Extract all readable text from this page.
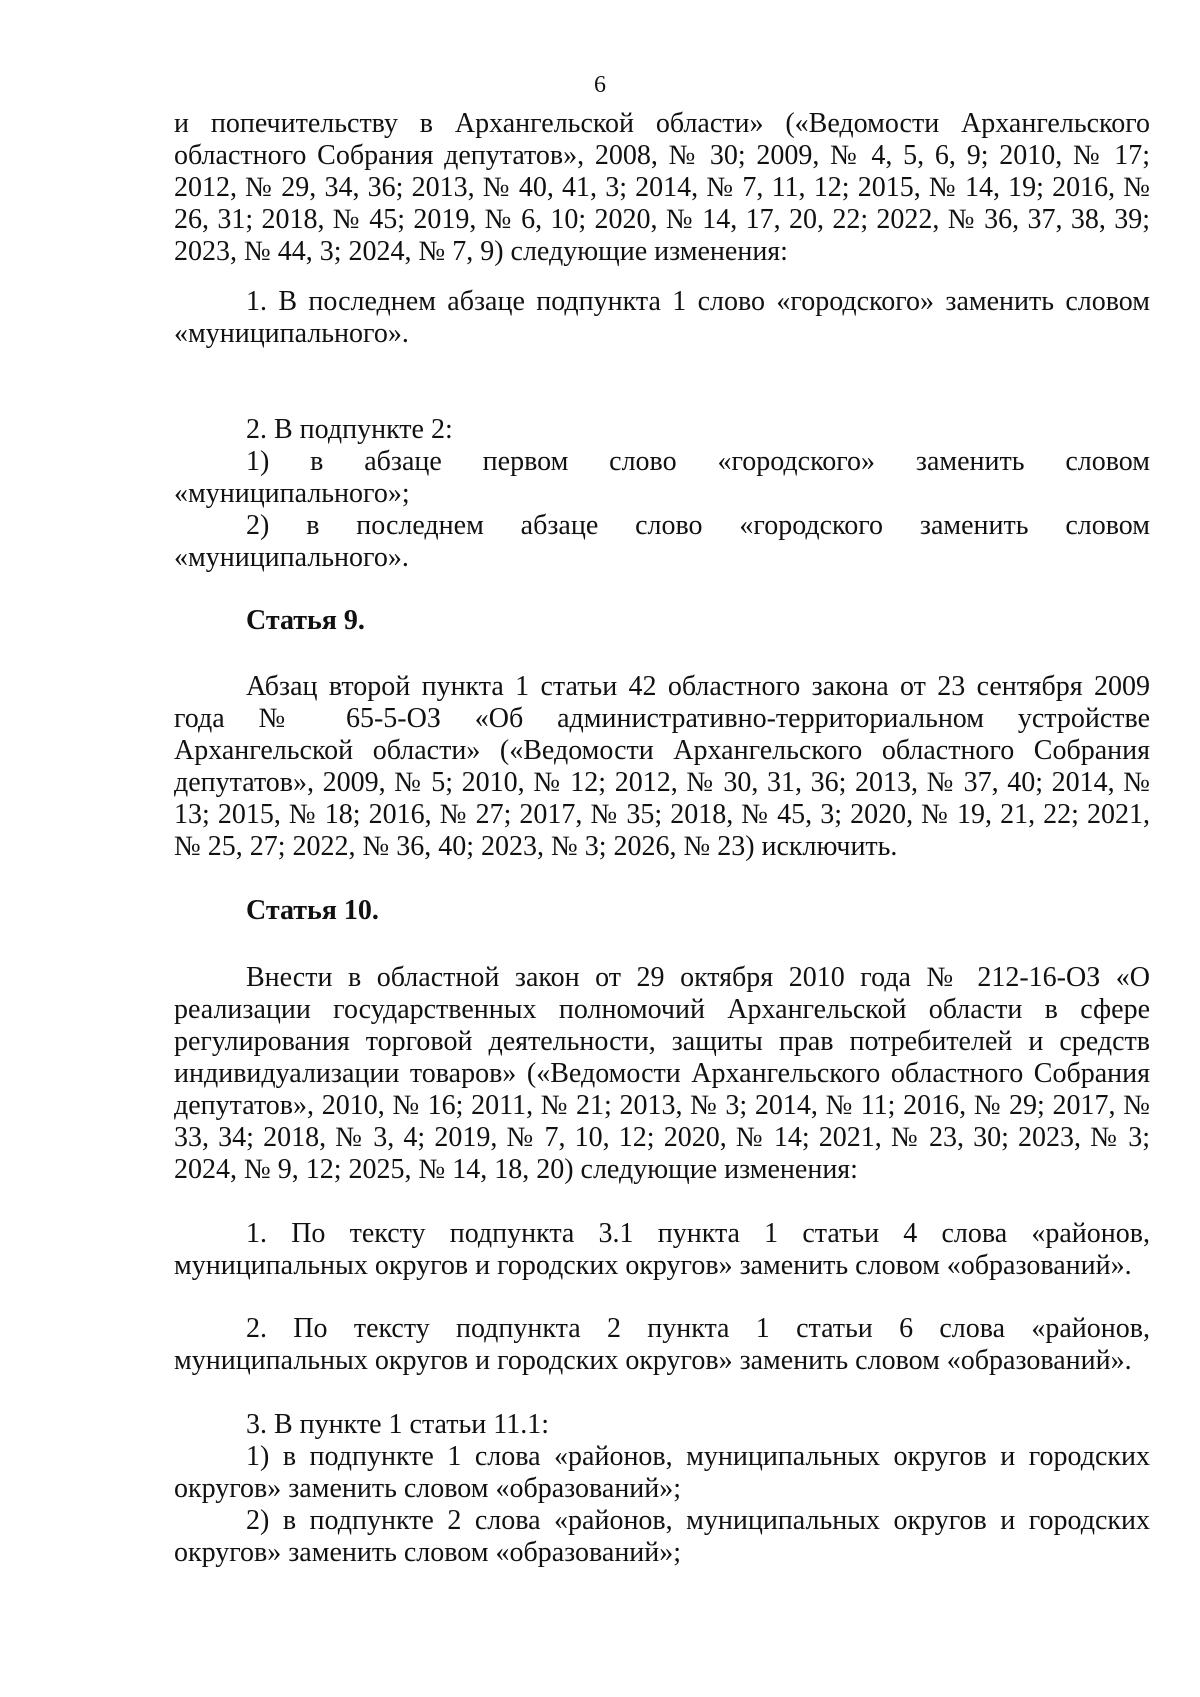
6

и попечительству в Архангельской области» («Ведомости Архангельского областного Собрания депутатов», 2008, № 30; 2009, № 4, 5, 6, 9; 2010, № 17; 2012, № 29, 34, 36; 2013, № 40, 41, 3; 2014, № 7, 11, 12; 2015, № 14, 19; 2016, № 26, 31; 2018, № 45; 2019, № 6, 10; 2020, № 14, 17, 20, 22; 2022, № 36, 37, 38, 39; 2023, № 44, 3; 2024, № 7, 9) следующие изменения:

1. В последнем абзаце подпункта 1 слово «городского» заменить словом «муниципального».

2. В подпункте 2:

1) в абзаце первом слово «городского» заменить словом

«муниципального»;

2) в последнем абзаце слово «городского заменить словом

«муниципального».

Статья 9.

Абзац второй пункта 1 статьи 42 областного закона от 23 сентября 2009 года № 65-5-ОЗ «Об административно-территориальном устройстве Архангельской области» («Ведомости Архангельского областного Собрания депутатов», 2009, № 5; 2010, № 12; 2012, № 30, 31, 36; 2013, № 37, 40; 2014, № 13; 2015, № 18; 2016, № 27; 2017, № 35; 2018, № 45, 3; 2020, № 19, 21, 22; 2021, № 25, 27; 2022, № 36, 40; 2023, № 3; 2026, № 23) исключить.

Статья 10.

Внести в областной закон от 29 октября 2010 года № 212-16-ОЗ «О реализации государственных полномочий Архангельской области в сфере регулирования торговой деятельности, защиты прав потребителей и средств индивидуализации товаров» («Ведомости Архангельского областного Собрания депутатов», 2010, № 16; 2011, № 21; 2013, № 3; 2014, № 11; 2016, № 29; 2017, № 33, 34; 2018, № 3, 4; 2019, № 7, 10, 12; 2020, № 14; 2021, № 23, 30; 2023, № 3; 2024, № 9, 12; 2025, № 14, 18, 20) следующие изменения:

1. По тексту подпункта 3.1 пункта 1 статьи 4 слова «районов, муниципальных округов и городских округов» заменить словом «образований».

2. По тексту подпункта 2 пункта 1 статьи 6 слова «районов, муниципальных округов и городских округов» заменить словом «образований».

3. В пункте 1 статьи 11.1:

1) в подпункте 1 слова «районов, муниципальных округов и городских округов» заменить словом «образований»;

2) в подпункте 2 слова «районов, муниципальных округов и городских округов» заменить словом «образований»;
